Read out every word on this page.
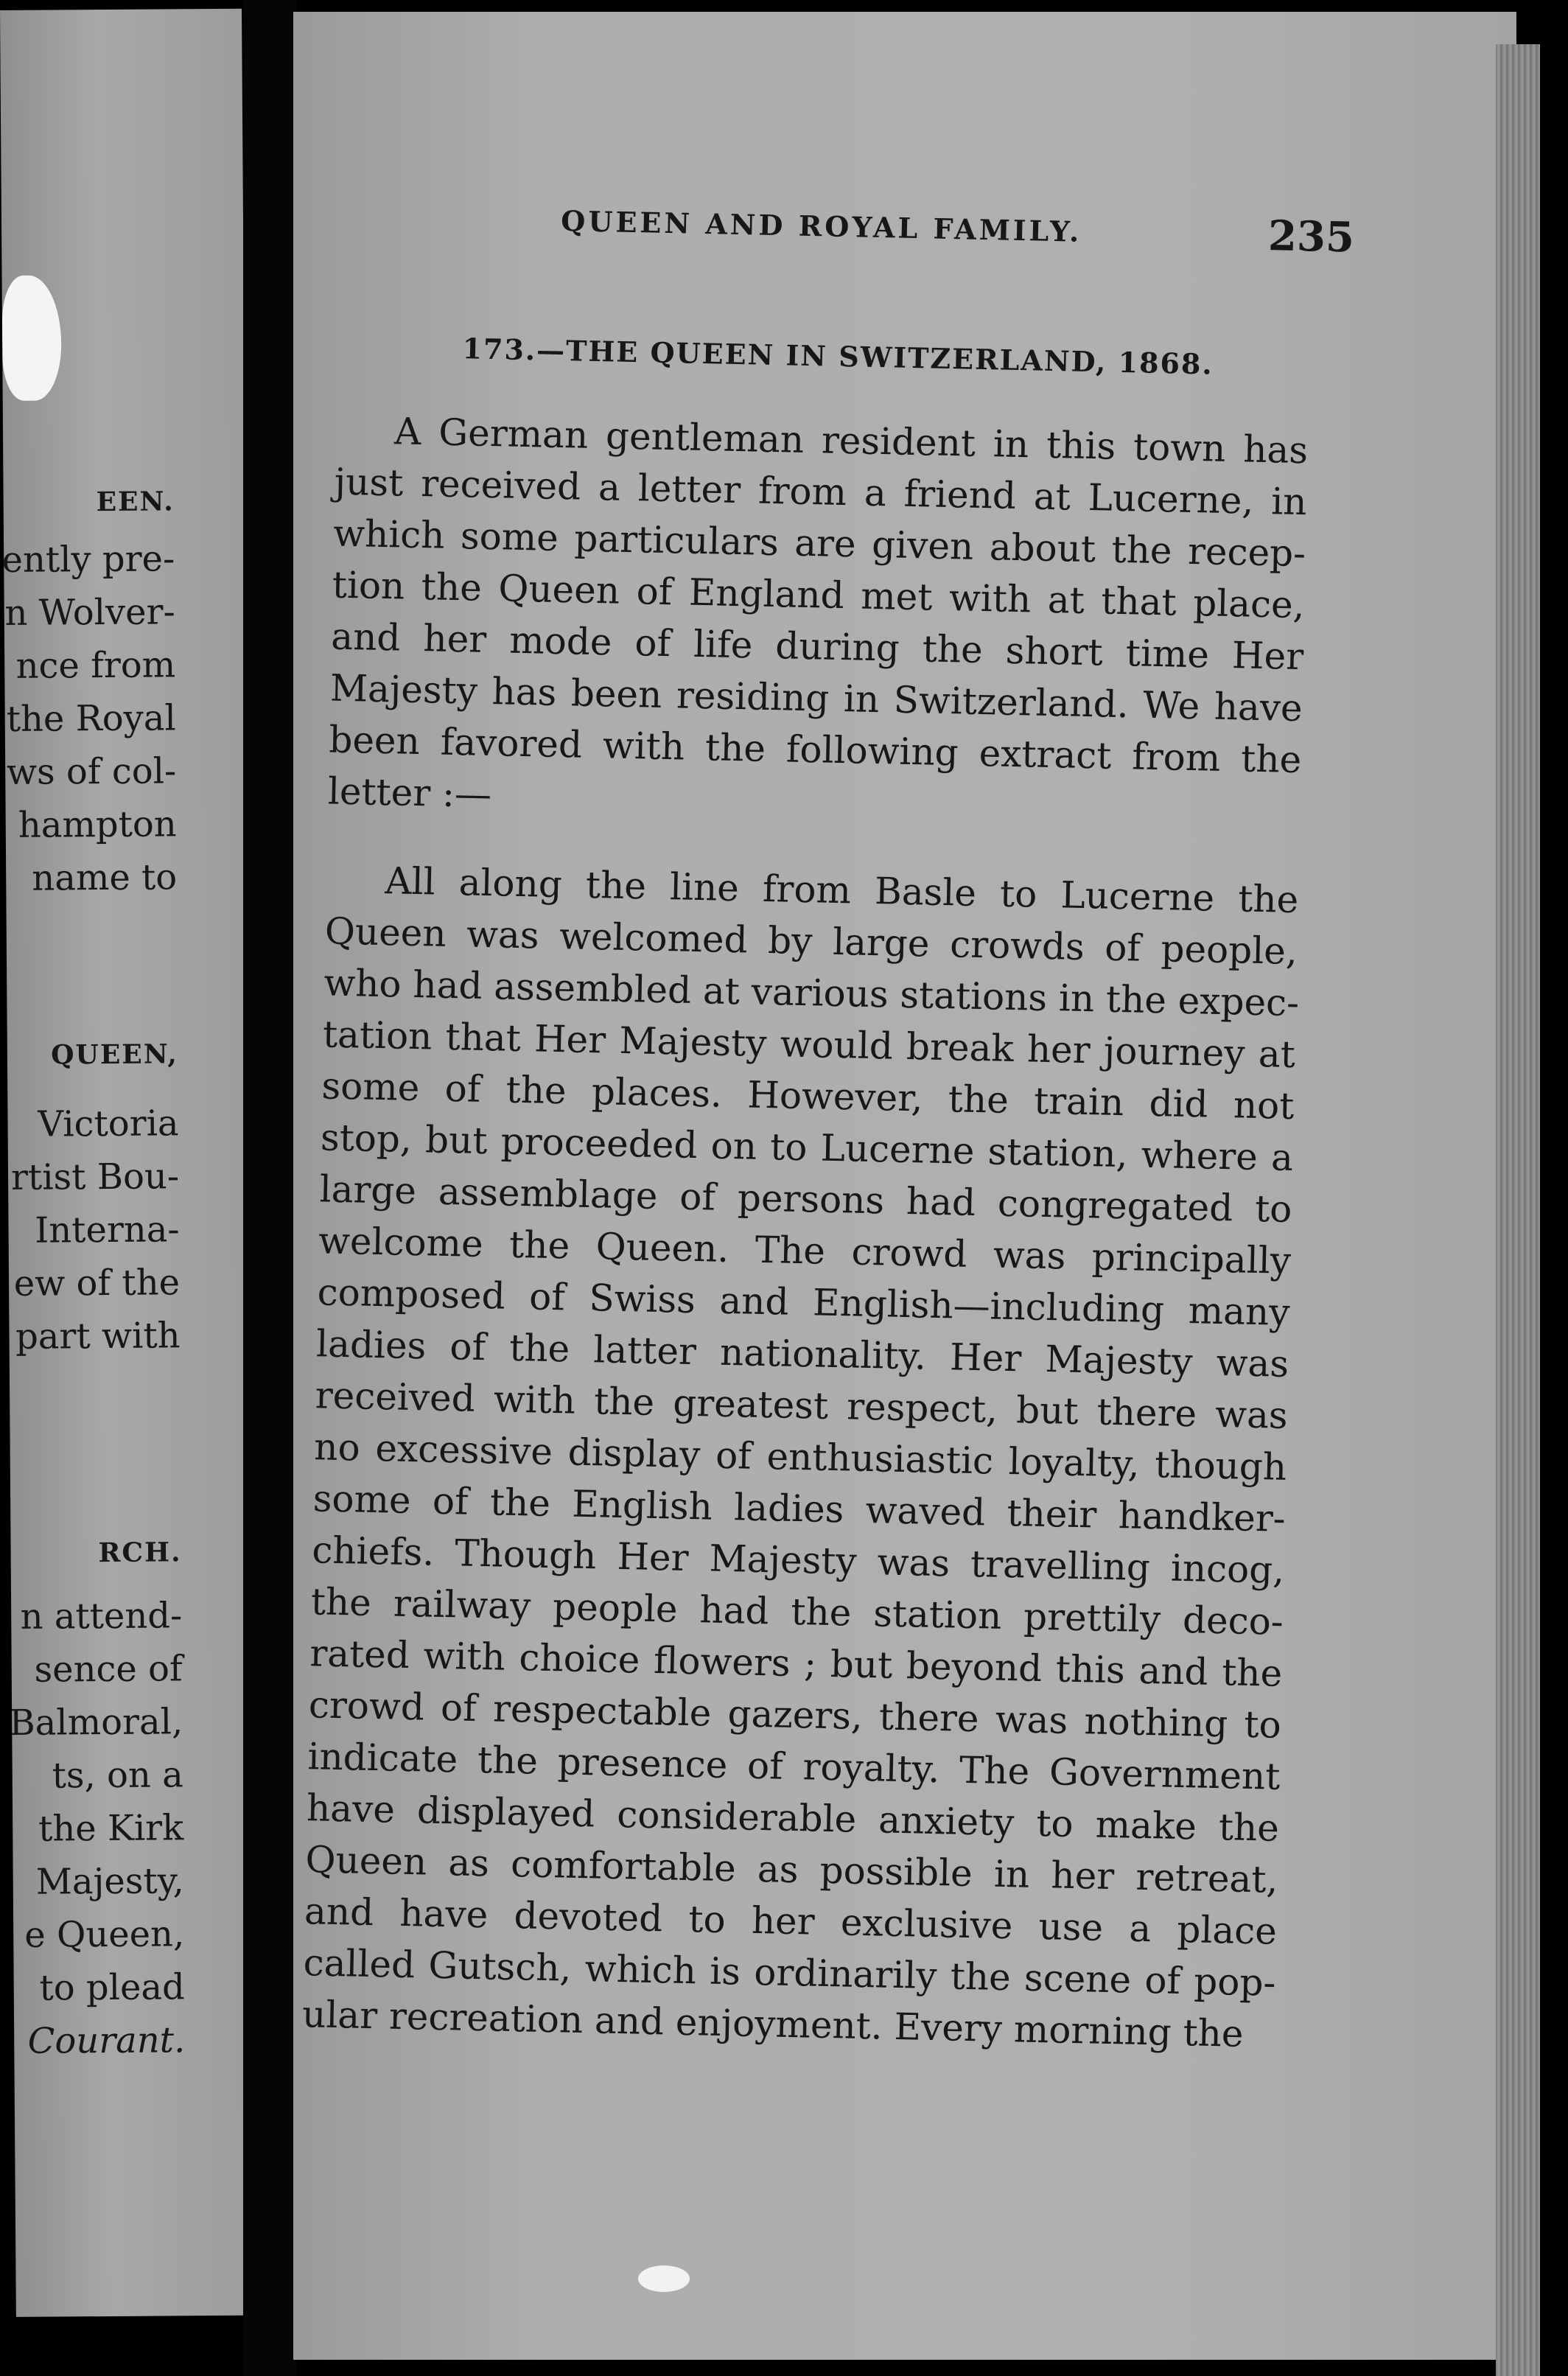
EEN.
ently pre-
n Wolver-
nce from
the Royal
ws of col-
hampton
name to
QUEEN,
Victoria
rtist Bou-
Interna-
ew of the
part with
RCH.
n attend-
sence of
Balmoral,
ts, on a
the Kirk
Majesty,
e Queen,
to plead
Courant.
QUEEN AND ROYAL FAMILY.	235
173.—THE QUEEN IN SWITZERLAND, 1868.
A German gentleman resident in this town has
just received a letter from a friend at Lucerne, in
which some particulars are given about the recep-
tion the Queen of England met with at that place,
and her mode of life during the short time Her
Majesty has been residing in Switzerland. We have
been favored with the following extract from the
letter :—
All along the line from Basle to Lucerne the
Queen was welcomed by large crowds of people,
who had assembled at various stations in the expec-
tation that Her Majesty would break her journey at
some of the places. However, the train did not
stop, but proceeded on to Lucerne station, where a
large assemblage of persons had congregated to
welcome the Queen. The crowd was principally
composed of Swiss and English—including many
ladies of the latter nationality. Her Majesty was
received with the greatest respect, but there was
no excessive display of enthusiastic loyalty, though
some of the English ladies waved their handker-
chiefs. Though Her Majesty was travelling incog,
the railway people had the station prettily deco-
rated with choice flowers ; but beyond this and the
crowd of respectable gazers, there was nothing to
indicate the presence of royalty. The Government
have displayed considerable anxiety to make the
Queen as comfortable as possible in her retreat,
and have devoted to her exclusive use a place
called Gutsch, which is ordinarily the scene of pop-
ular recreation and enjoyment. Every morning the
